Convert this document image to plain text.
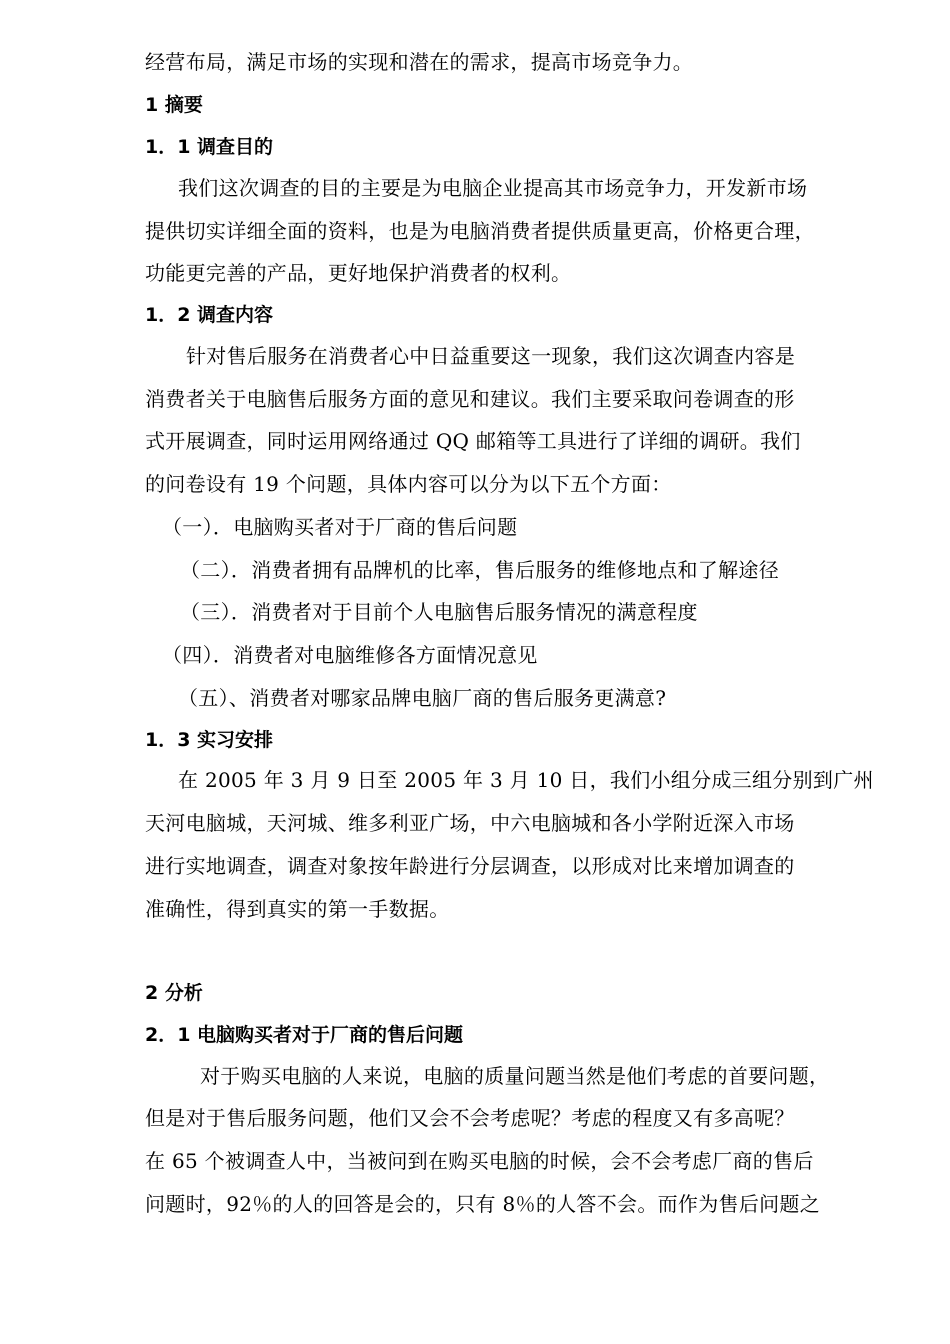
经营布局，满足市场的实现和潜在的需求，提高市场竞争力。
1 摘要
1．1 调查目的
我们这次调查的目的主要是为电脑企业提高其市场竞争力，开发新市场
提供切实详细全面的资料，也是为电脑消费者提供质量更高，价格更合理，
功能更完善的产品，更好地保护消费者的权利。
1．2 调查内容
针对售后服务在消费者心中日益重要这一现象，我们这次调查内容是
消费者关于电脑售后服务方面的意见和建议。我们主要采取问卷调查的形
式开展调查，同时运用网络通过 QQ 邮箱等工具进行了详细的调研。我们
的问卷设有 19 个问题，具体内容可以分为以下五个方面：
（一）．电脑购买者对于厂商的售后问题
（二）．消费者拥有品牌机的比率，售后服务的维修地点和了解途径
（三）．消费者对于目前个人电脑售后服务情况的满意程度
（四）．消费者对电脑维修各方面情况意见
（五）、消费者对哪家品牌电脑厂商的售后服务更满意?
1．3 实习安排
在 2005 年 3 月 9 日至 2005 年 3 月 10 日，我们小组分成三组分别到广州
天河电脑城，天河城、维多利亚广场，中六电脑城和各小学附近深入市场
进行实地调查，调查对象按年龄进行分层调查，以形成对比来增加调查的
准确性，得到真实的第一手数据。
2 分析
2．1 电脑购买者对于厂商的售后问题
对于购买电脑的人来说，电脑的质量问题当然是他们考虑的首要问题，
但是对于售后服务问题，他们又会不会考虑呢？考虑的程度又有多高呢？
在 65 个被调查人中，当被问到在购买电脑的时候，会不会考虑厂商的售后
问题时，92％的人的回答是会的，只有 8％的人答不会。而作为售后问题之
